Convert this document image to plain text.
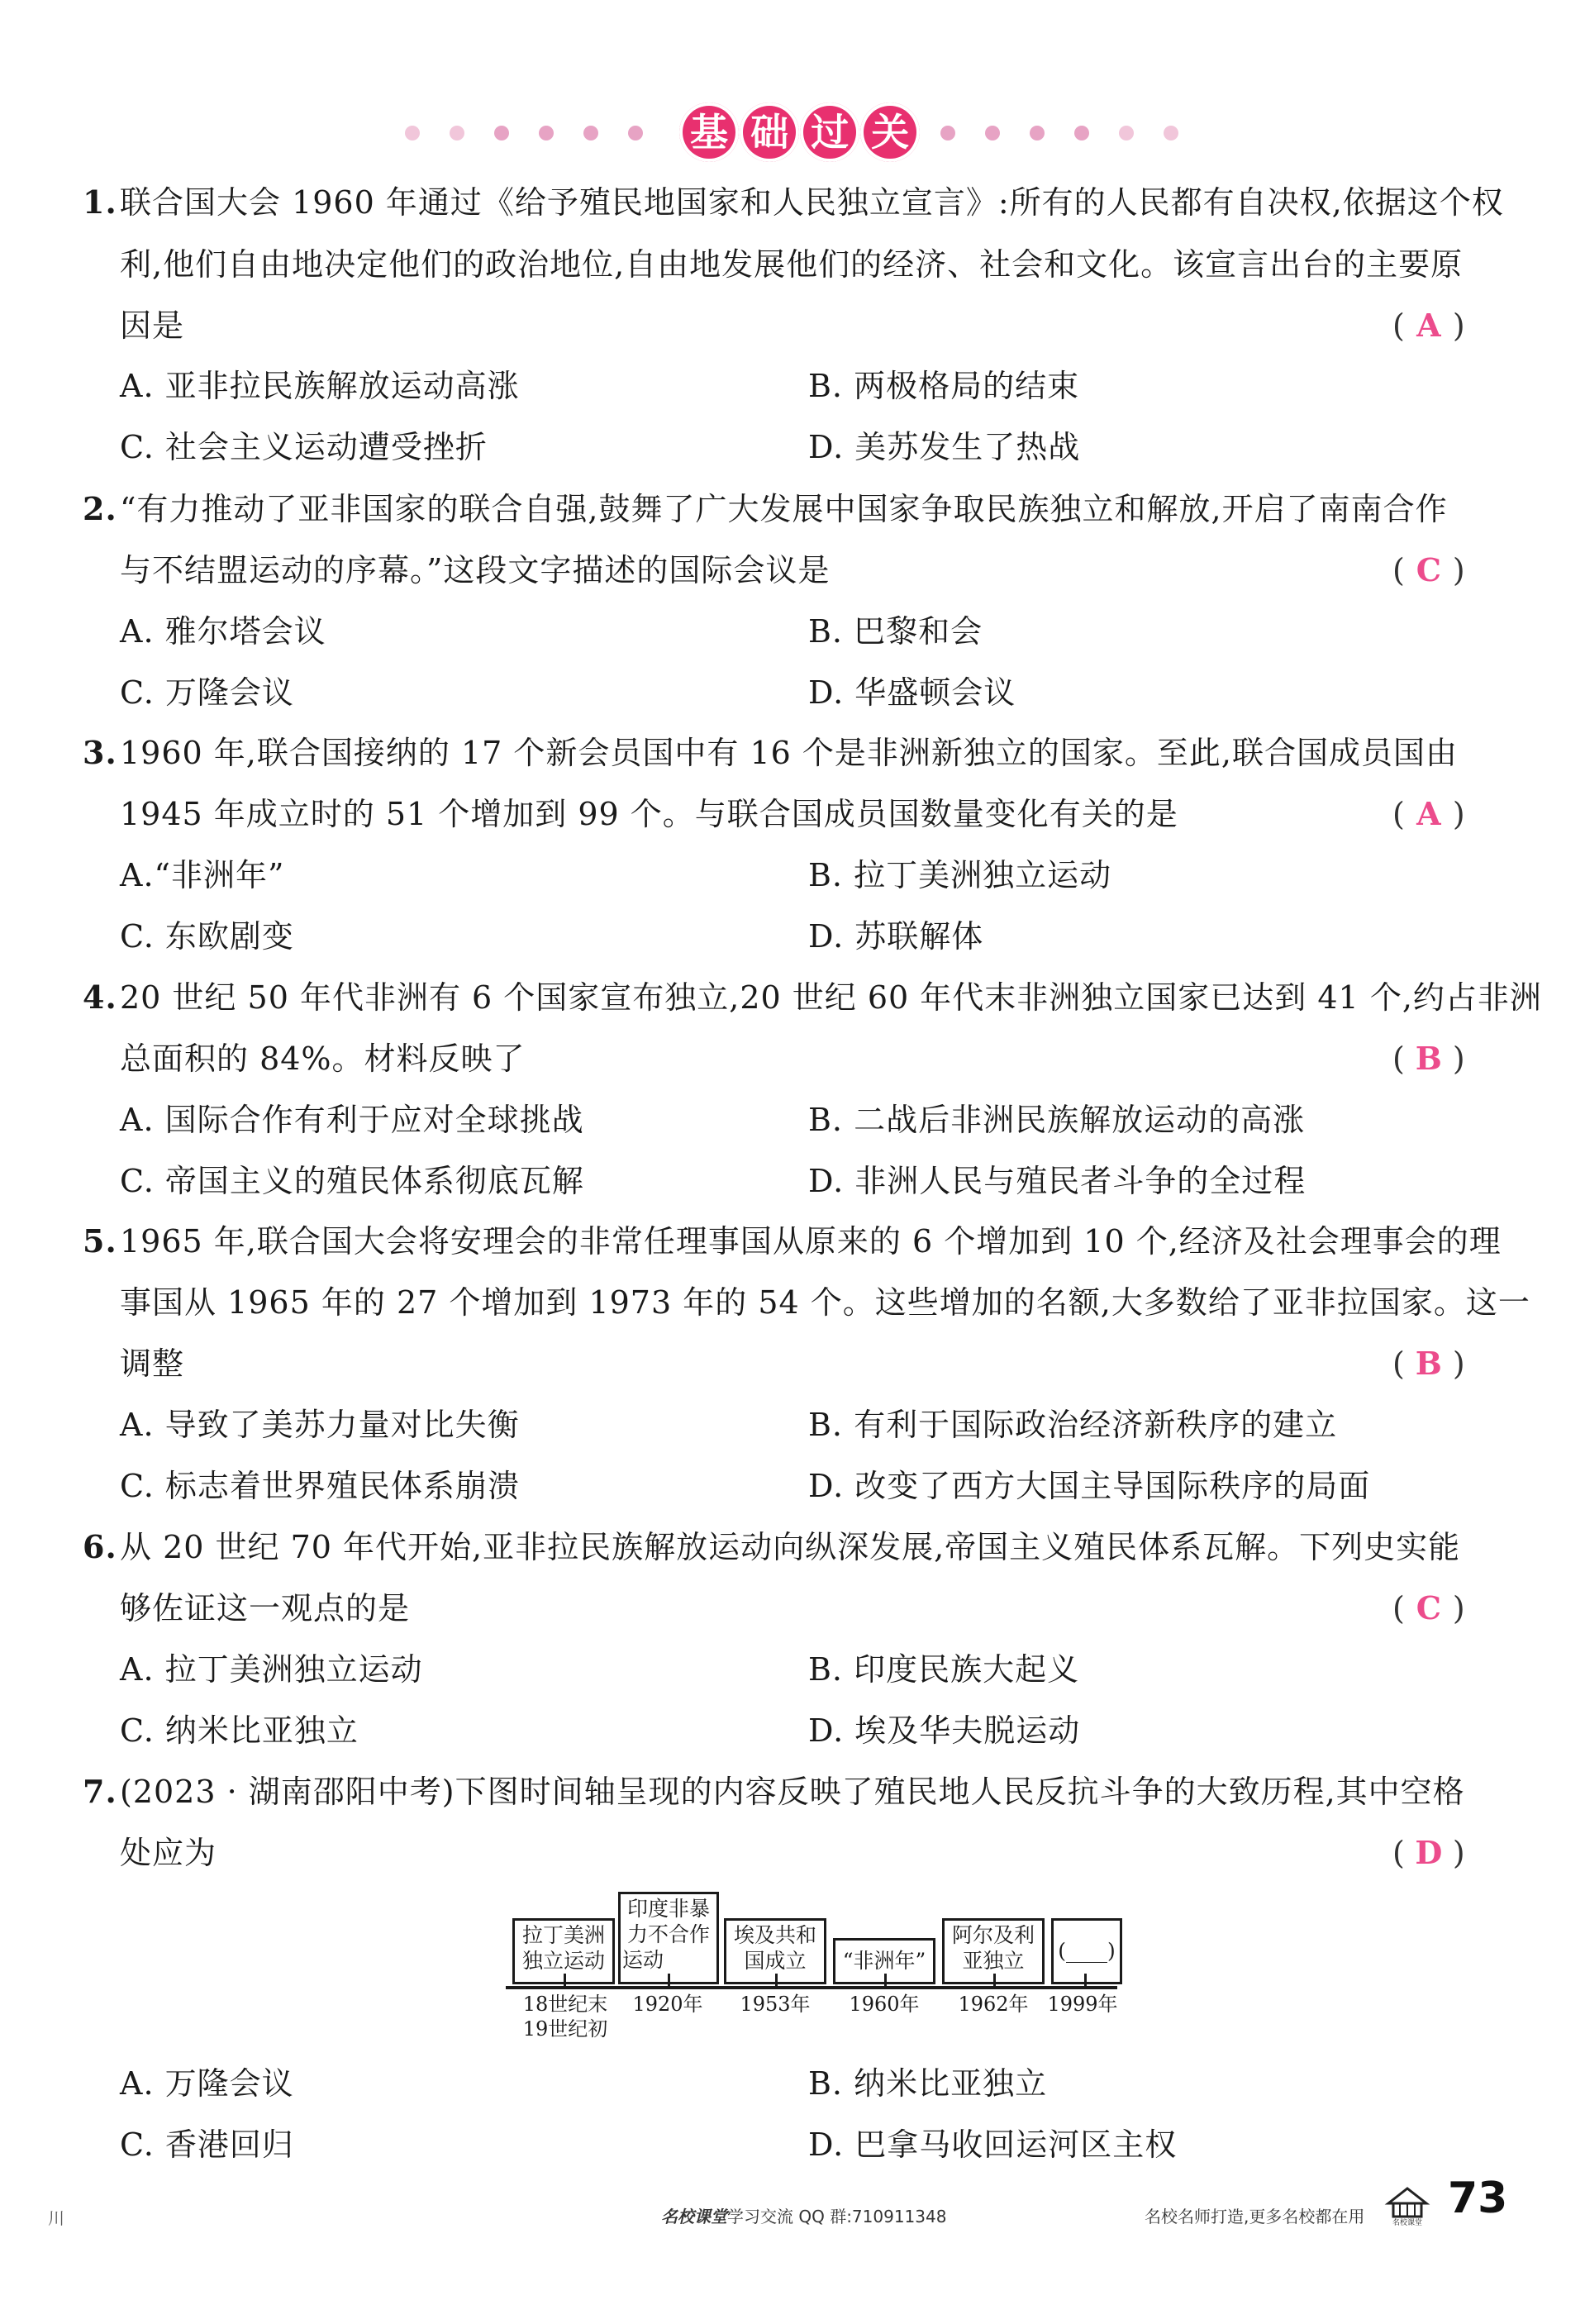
基 础 过 关
1. 联合国大会 1960 年通过《给予殖民地国家和人民独立宣言》:所有的人民都有自决权,依据这个权
利,他们自由地决定他们的政治地位,自由地发展他们的经济、社会和文化。该宣言出台的主要原
因是	( A )
A. 亚非拉民族解放运动高涨	B. 两极格局的结束
C. 社会主义运动遭受挫折	D. 美苏发生了热战
2. “有力推动了亚非国家的联合自强,鼓舞了广大发展中国家争取民族独立和解放,开启了南南合作
与不结盟运动的序幕。”这段文字描述的国际会议是	( C )
A. 雅尔塔会议	B. 巴黎和会
C. 万隆会议	D. 华盛顿会议
3. 1960 年,联合国接纳的 17 个新会员国中有 16 个是非洲新独立的国家。至此,联合国成员国由
1945 年成立时的 51 个增加到 99 个。与联合国成员国数量变化有关的是	( A )
A.“非洲年”	B. 拉丁美洲独立运动
C. 东欧剧变	D. 苏联解体
4. 20 世纪 50 年代非洲有 6 个国家宣布独立,20 世纪 60 年代末非洲独立国家已达到 41 个,约占非洲
总面积的 84%。材料反映了	( B )
A. 国际合作有利于应对全球挑战	B. 二战后非洲民族解放运动的高涨
C. 帝国主义的殖民体系彻底瓦解	D. 非洲人民与殖民者斗争的全过程
5. 1965 年,联合国大会将安理会的非常任理事国从原来的 6 个增加到 10 个,经济及社会理事会的理
事国从 1965 年的 27 个增加到 1973 年的 54 个。这些增加的名额,大多数给了亚非拉国家。这一
调整	( B )
A. 导致了美苏力量对比失衡	B. 有利于国际政治经济新秩序的建立
C. 标志着世界殖民体系崩溃	D. 改变了西方大国主导国际秩序的局面
6. 从 20 世纪 70 年代开始,亚非拉民族解放运动向纵深发展,帝国主义殖民体系瓦解。下列史实能
够佐证这一观点的是	( C )
A. 拉丁美洲独立运动	B. 印度民族大起义
C. 纳米比亚独立	D. 埃及华夫脱运动
7. (2023 · 湖南邵阳中考)下图时间轴呈现的内容反映了殖民地人民反抗斗争的大致历程,其中空格
处应为	( D )
拉丁美洲
独立运动
印度非暴
力不合作
运动
埃及共和
国成立	“非洲年”
阿尔及利
亚独立	(____)
18世纪末
19世纪初
1920年	1953年	1960年	1962年 1999年
A. 万隆会议	B. 纳米比亚独立
C. 香港回归	D. 巴拿马收回运河区主权
川	名校课堂学习交流 QQ 群:710911348	名校名师打造,更多名校都在用	名校课堂 73
